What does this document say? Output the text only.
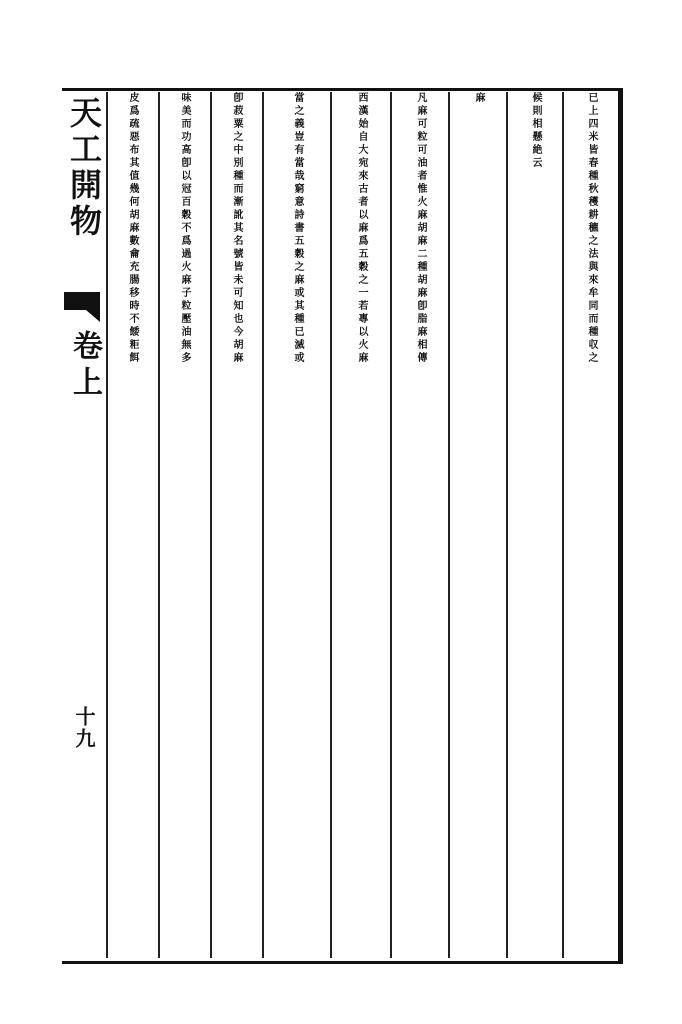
天工開物
卷上
十九
已上四米皆春種秋穫耕穮之法與來牟同而種収之
候則相懸絶云
麻
凡麻可粒可油者惟火麻胡麻二種胡麻卽脂麻相傳
西漢始自大宛來古者以麻爲五穀之一若專以火麻
當之義豈有當哉窮意詩書五穀之麻或其種已滅或
卽菽粟之中別種而漸訛其名號皆未可知也今胡麻
味美而功高卽以冠百穀不爲過火麻子粒壓油無多
皮爲疏惡布其值幾何胡麻數龠充腸移時不餧粔餌
